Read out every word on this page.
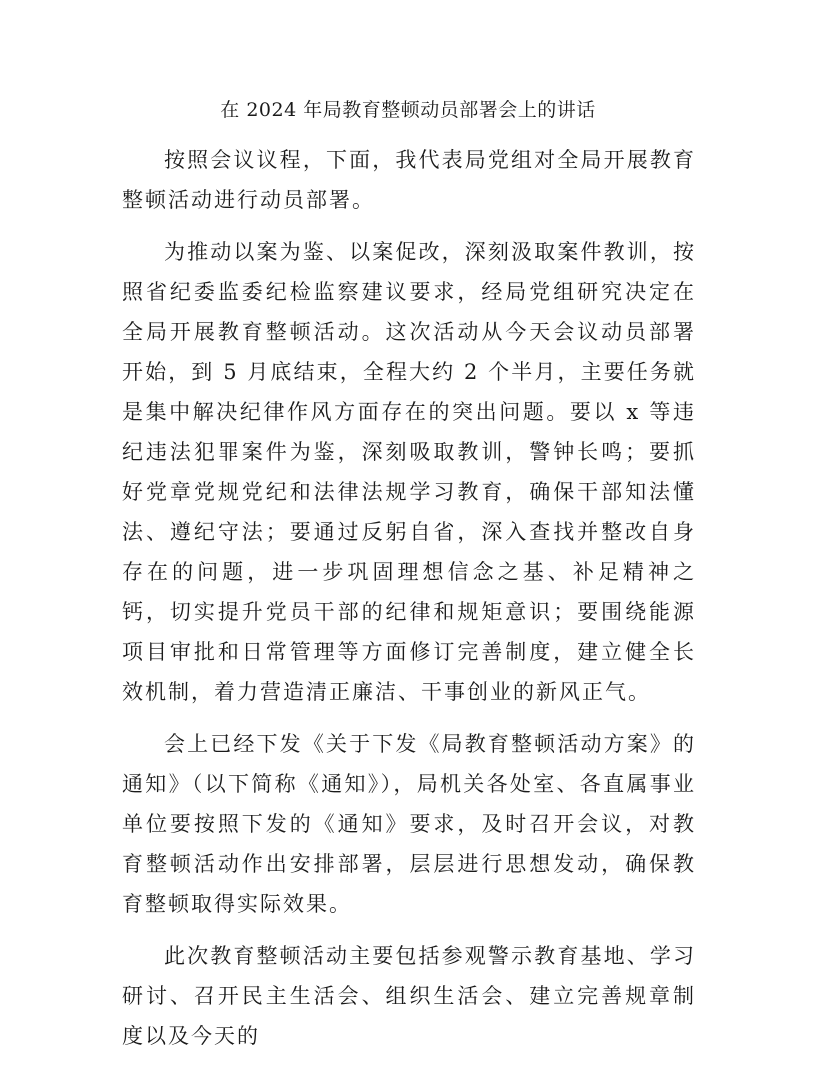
在 2024 年局教育整顿动员部署会上的讲话

按照会议议程，下面，我代表局党组对全局开展教育整顿活动进行动员部署。

为推动以案为鉴、以案促改，深刻汲取案件教训，按照省纪委监委纪检监察建议要求，经局党组研究决定在全局开展教育整顿活动。这次活动从今天会议动员部署开始，到 5 月底结束，全程大约 2 个半月，主要任务就是集中解决纪律作风方面存在的突出问题。要以 x 等违纪违法犯罪案件为鉴，深刻吸取教训，警钟长鸣；要抓好党章党规党纪和法律法规学习教育，确保干部知法懂法、遵纪守法；要通过反躬自省，深入查找并整改自身存在的问题，进一步巩固理想信念之基、补足精神之钙，切实提升党员干部的纪律和规矩意识；要围绕能源项目审批和日常管理等方面修订完善制度，建立健全长效机制，着力营造清正廉洁、干事创业的新风正气。

会上已经下发《关于下发《局教育整顿活动方案》的通知》（以下简称《通知》），局机关各处室、各直属事业单位要按照下发的《通知》要求，及时召开会议，对教育整顿活动作出安排部署，层层进行思想发动，确保教育整顿取得实际效果。

此次教育整顿活动主要包括参观警示教育基地、学习研讨、召开民主生活会、组织生活会、建立完善规章制度以及今天的
